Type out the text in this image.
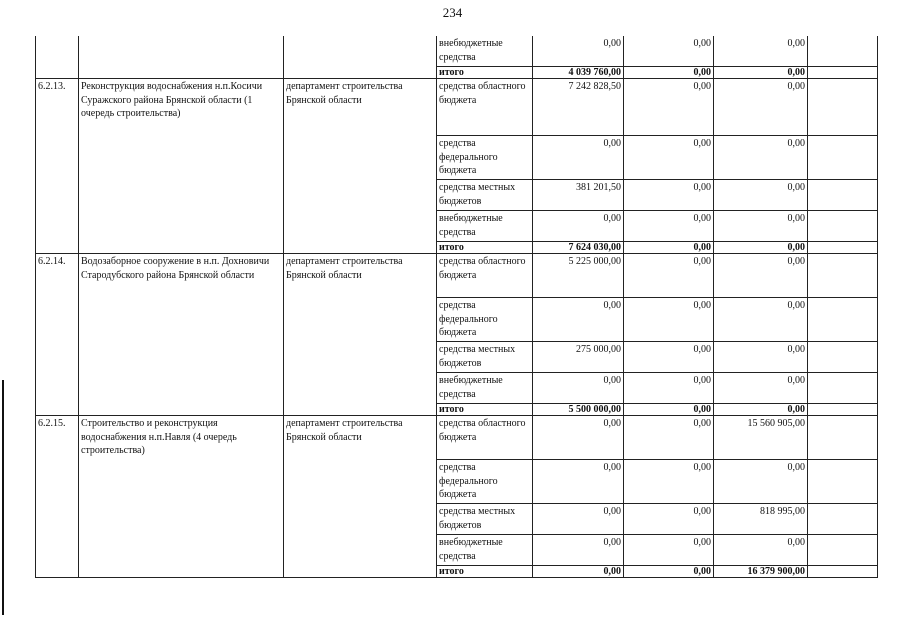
234
			внебюджетные средства	0,00	0,00	0,00	
			итого	4 039 760,00	0,00	0,00	
6.2.13.	Реконструкция водоснабжения н.п.Косичи Суражского района Брянской области (1 очередь строительства)	департамент строительства Брянской области	средства областного бюджета	7 242 828,50	0,00	0,00	
			средства федерального бюджета	0,00	0,00	0,00	
			средства местных бюджетов	381 201,50	0,00	0,00	
			внебюджетные средства	0,00	0,00	0,00	
			итого	7 624 030,00	0,00	0,00	
6.2.14.	Водозаборное сооружение в н.п. Дохновичи Стародубского района Брянской области	департамент строительства Брянской области	средства областного бюджета	5 225 000,00	0,00	0,00	
			средства федерального бюджета	0,00	0,00	0,00	
			средства местных бюджетов	275 000,00	0,00	0,00	
			внебюджетные средства	0,00	0,00	0,00	
			итого	5 500 000,00	0,00	0,00	
6.2.15.	Строительство и реконструкция водоснабжения н.п.Навля (4 очередь строительства)	департамент строительства Брянской области	средства областного бюджета	0,00	0,00	15 560 905,00	
			средства федерального бюджета	0,00	0,00	0,00	
			средства местных бюджетов	0,00	0,00	818 995,00	
			внебюджетные средства	0,00	0,00	0,00	
			итого	0,00	0,00	16 379 900,00	
